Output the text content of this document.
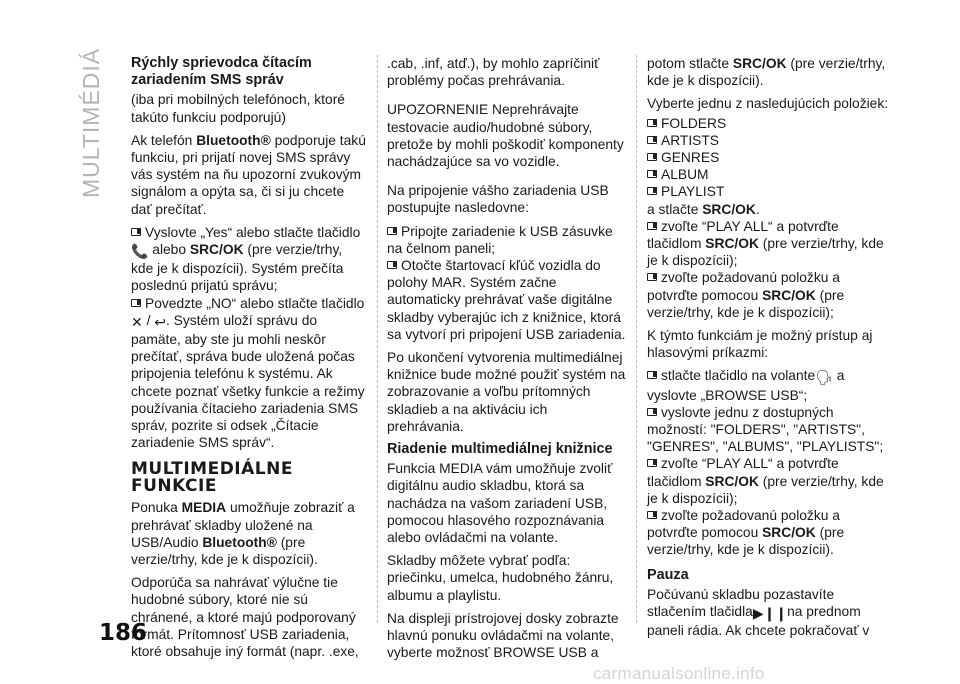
MULTIMÉDIÁ Rýchly sprievodca čítacím zariadením SMS správ

(iba pri mobilných telefónoch, ktoré takúto funkciu podporujú)

Ak telefón Bluetooth® podporuje takú funkciu, pri prijatí novej SMS správy vás systém na ňu upozorní zvukovým signálom a opýta sa, či si ju chcete dať prečítať.

Vyslovte „Yes“ alebo stlačte tlačidlo
📞 alebo SRC/OK (pre verzie/trhy, kde je k dispozícii). Systém prečíta poslednú prijatú správu;
Povedzte „NO“ alebo stlačte tlačidlo
✕ / ↩. Systém uloží správu do pamäte, aby ste ju mohli neskôr prečítať, správa bude uložená počas pripojenia telefónu k systému. Ak chcete poznať všetky funkcie a režimy používania čítacieho zariadenia SMS správ, pozrite si odsek „Čítacie zariadenie SMS správ“.
MULTIMEDIÁLNE FUNKCIE

Ponuka MEDIA umožňuje zobraziť a prehrávať skladby uložené na USB/Audio Bluetooth® (pre verzie/trhy, kde je k dispozícii).

Odporúča sa nahrávať výlučne tie hudobné súbory, ktoré nie sú chránené, a ktoré majú podporovaný formát. Prítomnosť USB zariadenia, ktoré obsahuje iný formát (napr. .exe,

.cab, .inf, atď.), by mohlo zapríčiniť problémy počas prehrávania.

UPOZORNENIE Neprehrávajte testovacie audio/hudobné súbory, pretože by mohli poškodiť komponenty nachádzajúce sa vo vozidle.

Na pripojenie vášho zariadenia USB postupujte nasledovne:

Pripojte zariadenie k USB zásuvke na čelnom paneli;
Otočte štartovací kľúč vozidla do polohy MAR. Systém začne automaticky prehrávať vaše digitálne skladby vyberajúc ich z knižnice, ktorá sa vytvorí pri pripojení USB zariadenia.

Po ukončení vytvorenia multimediálnej knižnice bude možné použiť systém na zobrazovanie a voľbu prítomných skladieb a na aktiváciu ich prehrávania.

Riadenie multimediálnej knižnice

Funkcia MEDIA vám umožňuje zvoliť digitálnu audio skladbu, ktorá sa nachádza na vašom zariadení USB, pomocou hlasového rozpoznávania alebo ovládačmi na volante.

Skladby môžete vybrať podľa: priečinku, umelca, hudobného žánru, albumu a playlistu.

Na displeji prístrojovej dosky zobrazte hlavnú ponuku ovládačmi na volante, vyberte možnosť BROWSE USB a

potom stlačte SRC/OK (pre verzie/trhy, kde je k dispozícii).

Vyberte jednu z nasledujúcich položiek:

FOLDERS
ARTISTS
GENRES
ALBUM
PLAYLIST
a stlačte SRC/OK.
zvoľte “PLAY ALL“ a potvrďte tlačidlom SRC/OK (pre verzie/trhy, kde je k dispozícii);
zvoľte požadovanú položku a potvrďte pomocou SRC/OK (pre verzie/trhy, kde je k dispozícii);

K týmto funkciám je možný prístup aj hlasovými príkazmi:

stlačte tlačidlo na volante🗣 a vyslovte „BROWSE USB“;
vyslovte jednu z dostupných možností: "FOLDERS", "ARTISTS", "GENRES", "ALBUMS", "PLAYLISTS";
zvoľte “PLAY ALL“ a potvrďte tlačidlom SRC/OK (pre verzie/trhy, kde je k dispozícii);
zvoľte požadovanú položku a potvrďte pomocou SRC/OK (pre verzie/trhy, kde je k dispozícii).
Pauza

Počúvanú skladbu pozastavíte stlačením tlačidla▶❙❙na prednom paneli rádia. Ak chcete pokračovať v

186
carmanualsonline.info
